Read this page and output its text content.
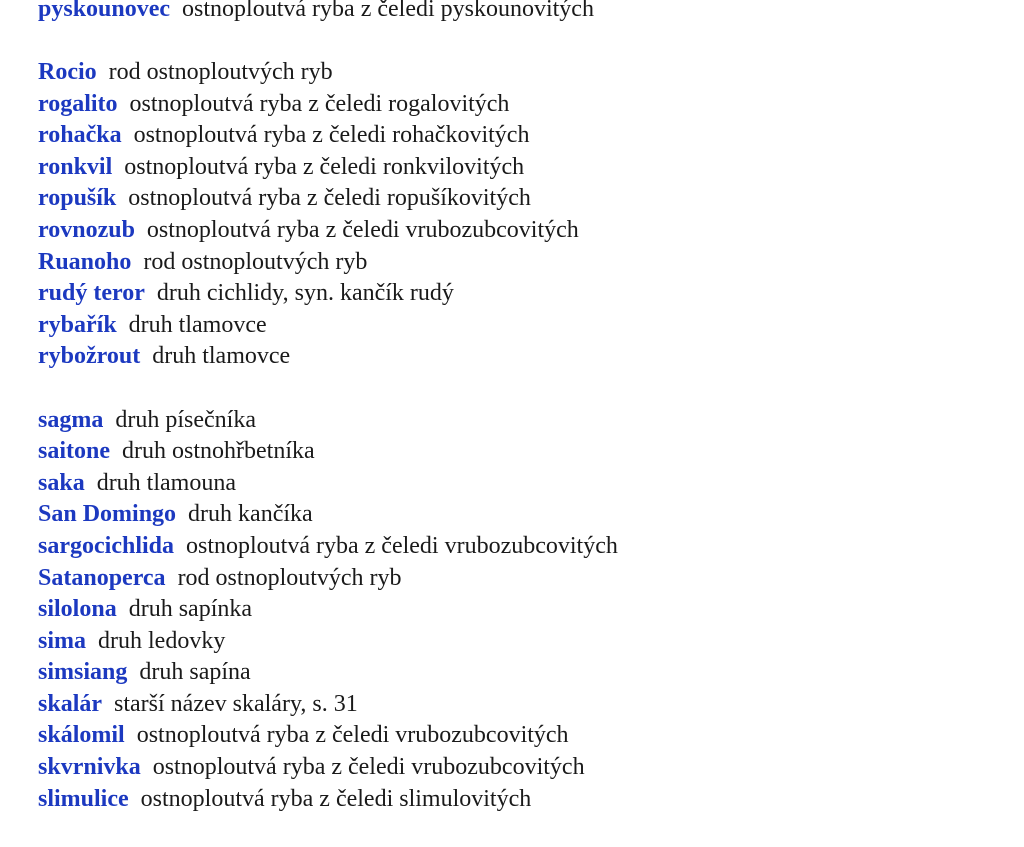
pyskounovec ostnoploutvá ryba z čeledi pyskounovitých
Rocio rod ostnoploutvých ryb
rogalito ostnoploutvá ryba z čeledi rogalovitých
rohačka ostnoploutvá ryba z čeledi rohačkovitých
ronkvil ostnoploutvá ryba z čeledi ronkvilovitých
ropušík ostnoploutvá ryba z čeledi ropušíkovitých
rovnozub ostnoploutvá ryba z čeledi vrubozubcovitých
Ruanoho rod ostnoploutvých ryb
rudý teror druh cichlidy, syn. kančík rudý
rybařík druh tlamovce
rybožrout druh tlamovce
sagma druh písečníka
saitone druh ostnohřbetníka
saka druh tlamouna
San Domingo druh kančíka
sargocichlida ostnoploutvá ryba z čeledi vrubozubcovitých
Satanoperca rod ostnoploutvých ryb
silolona druh sapínka
sima druh ledovky
simsiang druh sapína
skalár starší název skaláry, s. 31
skálomil ostnoploutvá ryba z čeledi vrubozubcovitých
skvrnivka ostnoploutvá ryba z čeledi vrubozubcovitých
slimulice ostnoploutvá ryba z čeledi slimulovitých
